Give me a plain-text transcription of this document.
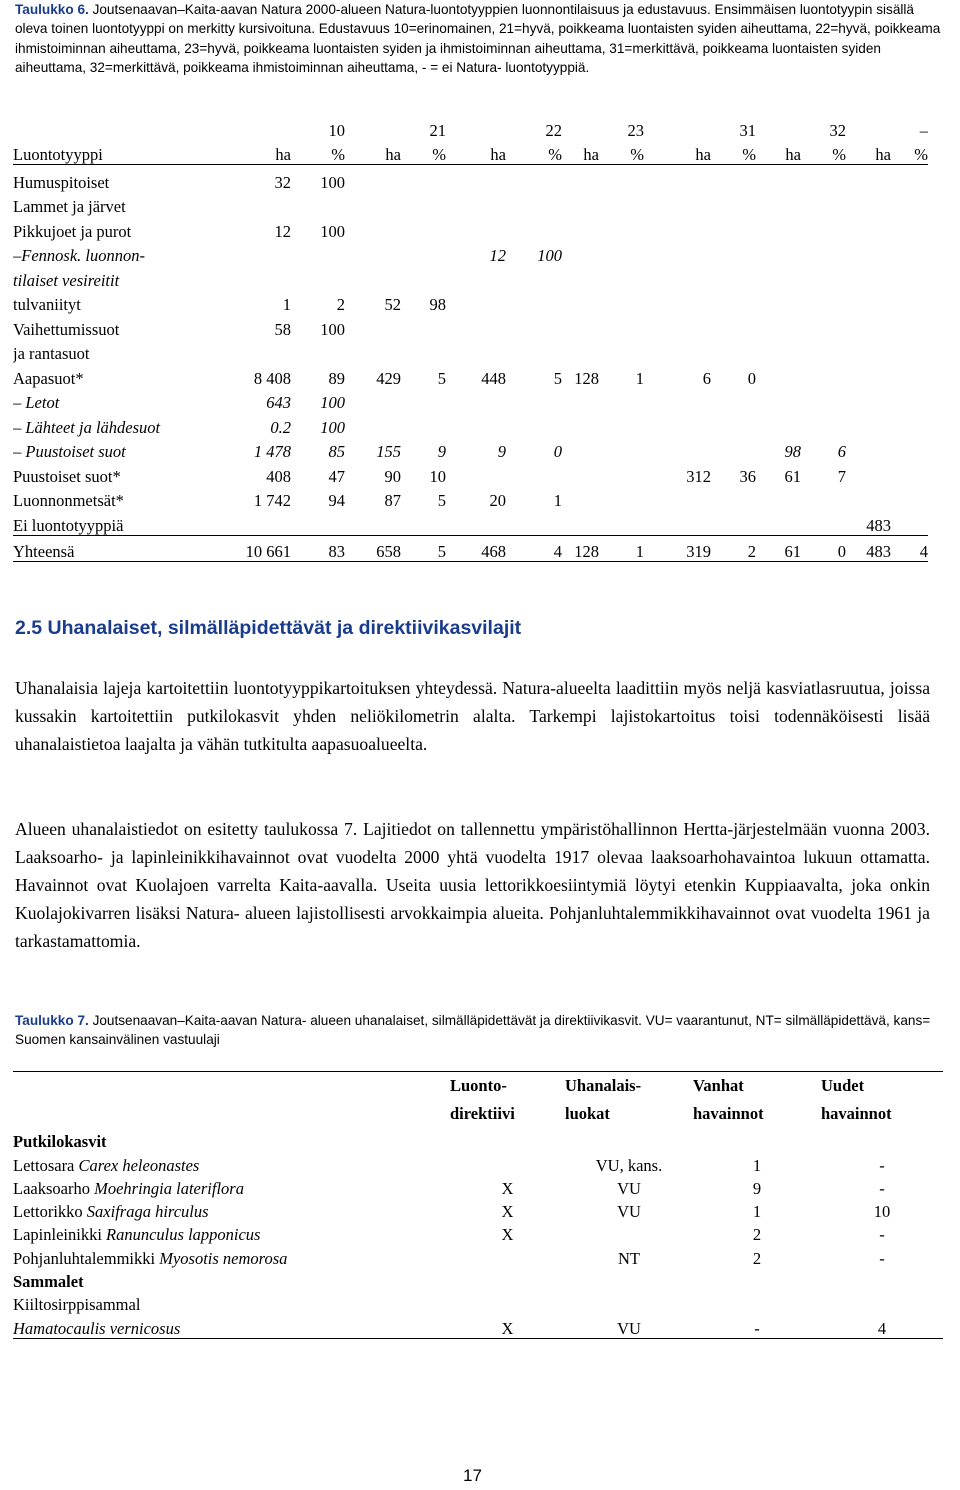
Taulukko 6. Joutsenaavan–Kaita-aavan Natura 2000-alueen Natura-luontotyyppien luonnontilaisuus ja edustavuus. Ensimmäisen luontotyypin sisällä oleva toinen luontotyyppi on merkitty kursivoituna. Edustavuus 10=erinomainen, 21=hyvä, poikkeama luontaisten syiden aiheuttama, 22=hyvä, poikkeama ihmistoiminnan aiheuttama, 23=hyvä, poikkeama luontaisten syiden ja ihmistoiminnan aiheuttama, 31=merkittävä, poikkeama luontaisten syiden aiheuttama, 32=merkittävä, poikkeama ihmistoiminnan aiheuttama, - = ei Natura- luontotyyppiä.
		10		21		22		23		31		32		–
Luontotyyppi	ha	%	ha	%	ha	%	ha	%	ha	%	ha	%	ha	%
Humuspitoiset	32	100												
Lammet ja järvet														
Pikkujoet ja purot	12	100												
–Fennosk. luonnon-					12	100								
tilaiset vesireitit														
tulvaniityt	1	2	52	98										
Vaihettumissuot	58	100												
ja rantasuot														
Aapasuot*	8 408	89	429	5	448	5	128	1	6	0				
– Letot	643	100												
– Lähteet ja lähdesuot	0.2	100												
– Puustoiset suot	1 478	85	155	9	9	0					98	6		
Puustoiset suot*	408	47	90	10					312	36	61	7		
Luonnonmetsät*	1 742	94	87	5	20	1								
Ei luontotyyppiä													483	

Yhteensä	10 661	83	658	5	468	4	128	1	319	2	61	0	483	4
2.5 Uhanalaiset, silmälläpidettävät ja direktiivikasvilajit
Uhanalaisia lajeja kartoitettiin luontotyyppikartoituksen yhteydessä. Natura-alueelta laadittiin myös neljä kasviatlasruutua, joissa kussakin kartoitettiin putkilokasvit yhden neliökilometrin alalta. Tarkempi lajistokartoitus toisi todennäköisesti lisää uhanalaistietoa laajalta ja vähän tutkitulta aapasuoalueelta.
Alueen uhanalaistiedot on esitetty taulukossa 7. Lajitiedot on tallennettu ympäristöhallinnon Hertta-järjestelmään vuonna 2003. Laaksoarho- ja lapinleinikkihavainnot ovat vuodelta 2000 yhtä vuodelta 1917 olevaa laaksoarhohavaintoa lukuun ottamatta. Havainnot ovat Kuolajoen varrelta Kaita-aavalla. Useita uusia lettorikkoesiintymiä löytyi etenkin Kuppiaavalta, joka onkin Kuolajokivarren lisäksi Natura- alueen lajistollisesti arvokkaimpia alueita. Pohjanluhtalemmikkihavainnot ovat vuodelta 1961 ja tarkastamattomia.
Taulukko 7. Joutsenaavan–Kaita-aavan Natura- alueen uhanalaiset, silmälläpidettävät ja direktiivikasvit. VU= vaarantunut, NT= silmälläpidettävä, kans= Suomen kansainvälinen vastuulaji
	Luonto-	Uhanalais-	Vanhat	Uudet
	direktiivi	luokat	havainnot	havainnot
Putkilokasvit				
Lettosara Carex heleonastes		VU, kans.	1	-
Laaksoarho Moehringia lateriflora	X	VU	9	-
Lettorikko Saxifraga hirculus	X	VU	1	10
Lapinleinikki Ranunculus lapponicus	X		2	-
Pohjanluhtalemmikki Myosotis nemorosa		NT	2	-
Sammalet				
Kiiltosirppisammal				
Hamatocaulis vernicosus	X	VU	-	4
17
